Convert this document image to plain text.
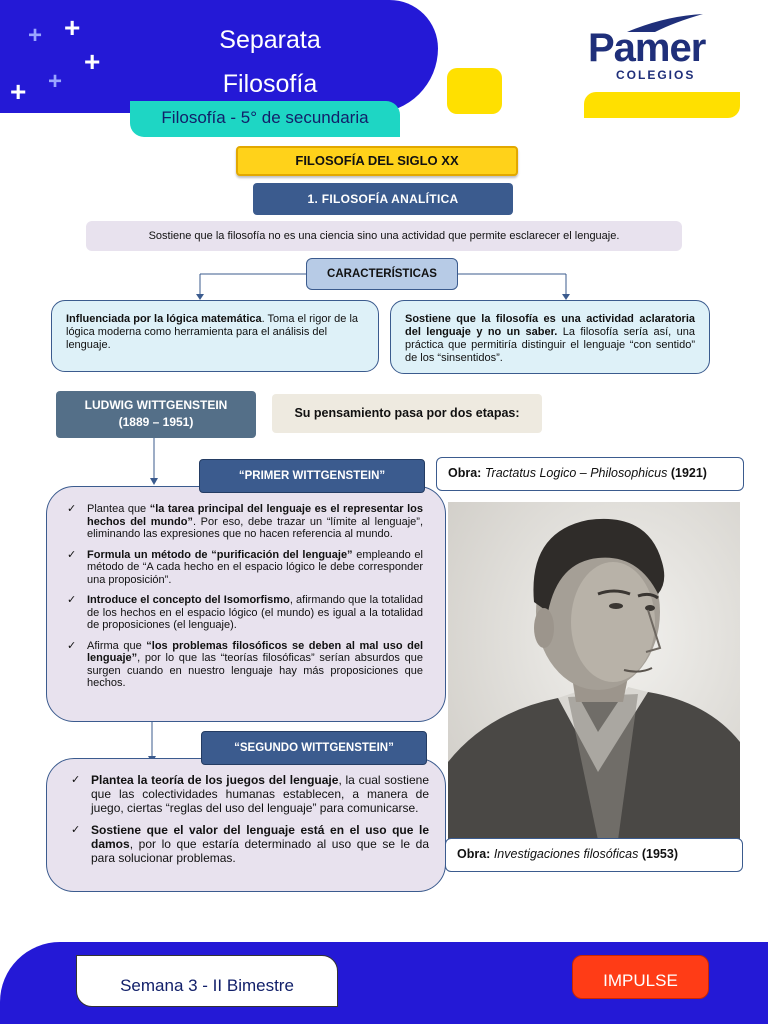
Separata
Filosofía
+ +
+
+
+
Pamer
COLEGIOS
Filosofía - 5° de secundaria
FILOSOFÍA DEL SIGLO XX
1. FILOSOFÍA ANALÍTICA
Sostiene que la filosofía no es una ciencia sino una actividad que permite esclarecer el lenguaje.
CARACTERÍSTICAS
Influenciada por la lógica matemática. Toma el rigor de la lógica moderna como herramienta para el análisis del lenguaje.
Sostiene que la filosofía es una actividad aclaratoria del lenguaje y no un saber. La filosofía sería así, una práctica que permitiría distinguir el lenguaje “con sentido” de los “sinsentidos”.
LUDWIG WITTGENSTEIN
(1889 – 1951)
Su pensamiento pasa por dos etapas:
✓ Plantea que “la tarea principal del lenguaje es el representar los hechos del mundo”. Por eso, debe trazar un “límite al lenguaje”, eliminando las expresiones que no hacen referencia al mundo.
✓ Formula un método de “purificación del lenguaje” empleando el método de “A cada hecho en el espacio lógico le debe corresponder una proposición”.
✓ Introduce el concepto del Isomorfismo, afirmando que la totalidad de los hechos en el espacio lógico (el mundo) es igual a la totalidad de proposiciones (el lenguaje).
✓ Afirma que “los problemas filosóficos se deben al mal uso del lenguaje”, por lo que las “teorías filosóficas” serían absurdos que surgen cuando en nuestro lenguaje hay más proposiciones que hechos.
“PRIMER WITTGENSTEIN”	Obra: Tractatus Logico – Philosophicus (1921)
✓ Plantea la teoría de los juegos del lenguaje, la cual sostiene que las colectividades humanas establecen, a manera de juego, ciertas “reglas del uso del lenguaje” para comunicarse.
✓ Sostiene que el valor del lenguaje está en el uso que le damos, por lo que estaría determinado al uso que se le da para solucionar problemas.
“SEGUNDO WITTGENSTEIN”
Obra: Investigaciones filosóficas (1953)
Semana 3 - II Bimestre	IMPULSE
